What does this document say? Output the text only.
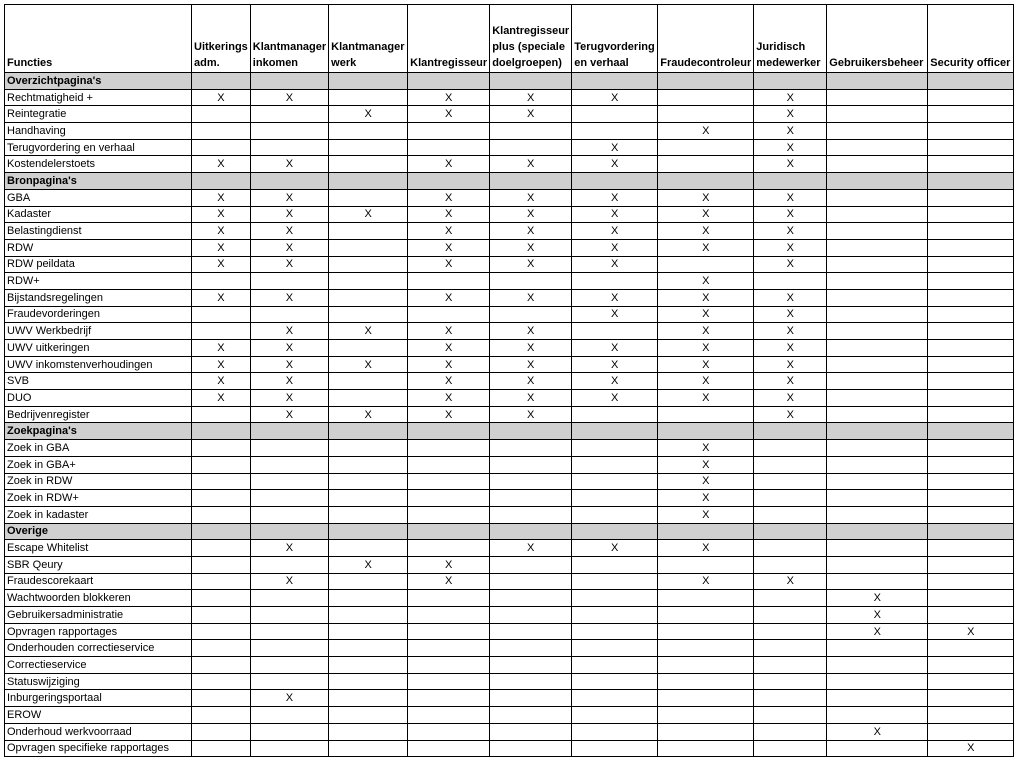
Functies	Uitkerings adm.	Klantmanager inkomen	Klantmanager werk	Klantregisseur	Klantregisseur plus (speciale doelgroepen)	Terugvordering en verhaal	Fraudecontroleur	Juridisch medewerker	Gebruikersbeheer	Security officer
Overzichtpagina's										
Rechtmatigheid +	X	X		X	X	X		X		
Reintegratie			X	X	X			X		
Handhaving							X	X		
Terugvordering en verhaal						X		X		
Kostendelerstoets	X	X		X	X	X		X		
Bronpagina's										
GBA	X	X		X	X	X	X	X		
Kadaster	X	X	X	X	X	X	X	X		
Belastingdienst	X	X		X	X	X	X	X		
RDW	X	X		X	X	X	X	X		
RDW peildata	X	X		X	X	X		X		
RDW+							X			
Bijstandsregelingen	X	X		X	X	X	X	X		
Fraudevorderingen						X	X	X		
UWV Werkbedrijf		X	X	X	X		X	X		
UWV uitkeringen	X	X		X	X	X	X	X		
UWV inkomstenverhoudingen	X	X	X	X	X	X	X	X		
SVB	X	X		X	X	X	X	X		
DUO	X	X		X	X	X	X	X		
Bedrijvenregister		X	X	X	X			X		
Zoekpagina's										
Zoek in GBA							X			
Zoek in GBA+							X			
Zoek in RDW							X			
Zoek in RDW+							X			
Zoek in kadaster							X			
Overige										
Escape Whitelist		X			X	X	X			
SBR Qeury			X	X						
Fraudescorekaart		X		X			X	X		
Wachtwoorden blokkeren									X	
Gebruikersadministratie									X	
Opvragen rapportages									X	X
Onderhouden correctieservice										
Correctieservice										
Statuswijziging										
Inburgeringsportaal		X								
EROW										
Onderhoud werkvoorraad									X	
Opvragen specifieke rapportages										X
